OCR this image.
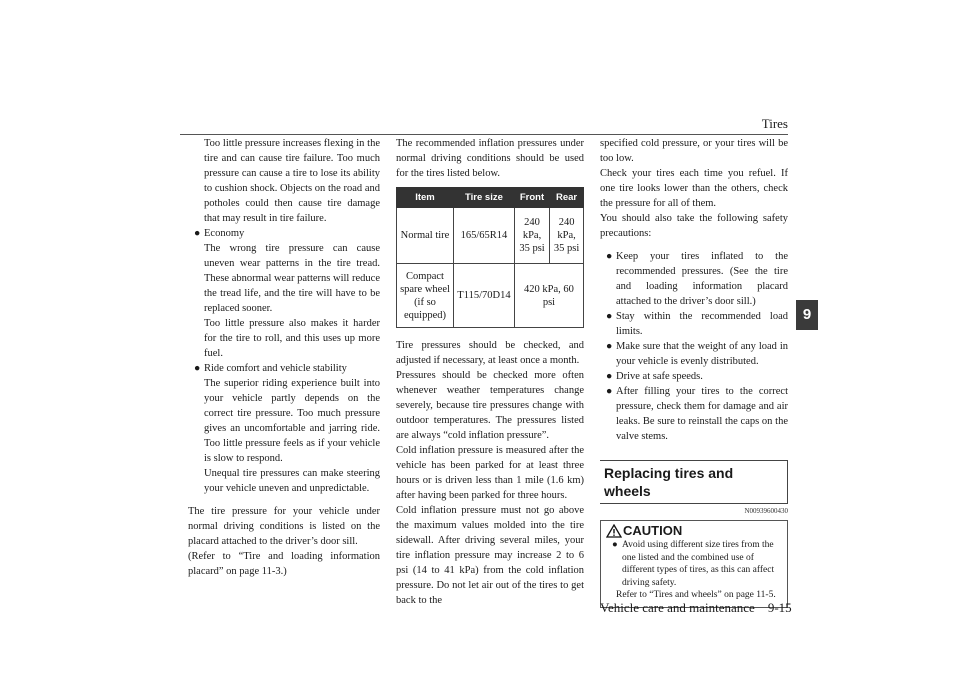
Tires
9

Too little pressure increases flexing in the tire and can cause tire failure. Too much pressure can cause a tire to lose its ability to cushion shock. Objects on the road and potholes could then cause tire damage that may result in tire failure.

● Economy

The wrong tire pressure can cause uneven wear patterns in the tire tread. These abnormal wear patterns will reduce the tread life, and the tire will have to be replaced sooner.

Too little pressure also makes it harder for the tire to roll, and this uses up more fuel.

● Ride comfort and vehicle stability

The superior riding experience built into your vehicle partly depends on the correct tire pressure. Too much pressure gives an uncomfortable and jarring ride. Too little pressure feels as if your vehicle is slow to respond.

Unequal tire pressures can make steering your vehicle uneven and unpredictable.

The tire pressure for your vehicle under normal driving conditions is listed on the placard attached to the driver’s door sill.

(Refer to “Tire and loading information placard” on page 11-3.)

The recommended inflation pressures under normal driving conditions should be used for the tires listed below.

Item	Tire size	Front	Rear
Normal tire	165/65R14	240 kPa, 35 psi	240 kPa, 35 psi
Compact spare wheel (if so equipped)	T115/70D14	420 kPa, 60 psi	

Tire pressures should be checked, and adjusted if necessary, at least once a month.

Pressures should be checked more often whenever weather temperatures change severely, because tire pressures change with outdoor temperatures. The pressures listed are always “cold inflation pressure”.

Cold inflation pressure is measured after the vehicle has been parked for at least three hours or is driven less than 1 mile (1.6 km) after having been parked for three hours.

Cold inflation pressure must not go above the maximum values molded into the tire sidewall. After driving several miles, your tire inflation pressure may increase 2 to 6 psi (14 to 41 kPa) from the cold inflation pressure. Do not let air out of the tires to get back to the

specified cold pressure, or your tires will be too low.

Check your tires each time you refuel. If one tire looks lower than the others, check the pressure for all of them.

You should also take the following safety precautions:

● Keep your tires inflated to the recommended pressures. (See the tire and loading information placard attached to the driver’s door sill.)

● Stay within the recommended load limits.

● Make sure that the weight of any load in your vehicle is evenly distributed.

● Drive at safe speeds.

● After filling your tires to the correct pressure, check them for damage and air leaks. Be sure to reinstall the caps on the valve stems.

Replacing tires and wheels
N00939600430
CAUTION

● Avoid using different size tires from the one listed and the combined use of different types of tires, as this can affect driving safety.

Refer to “Tires and wheels” on page 11-5.

Vehicle care and maintenance    9-15
